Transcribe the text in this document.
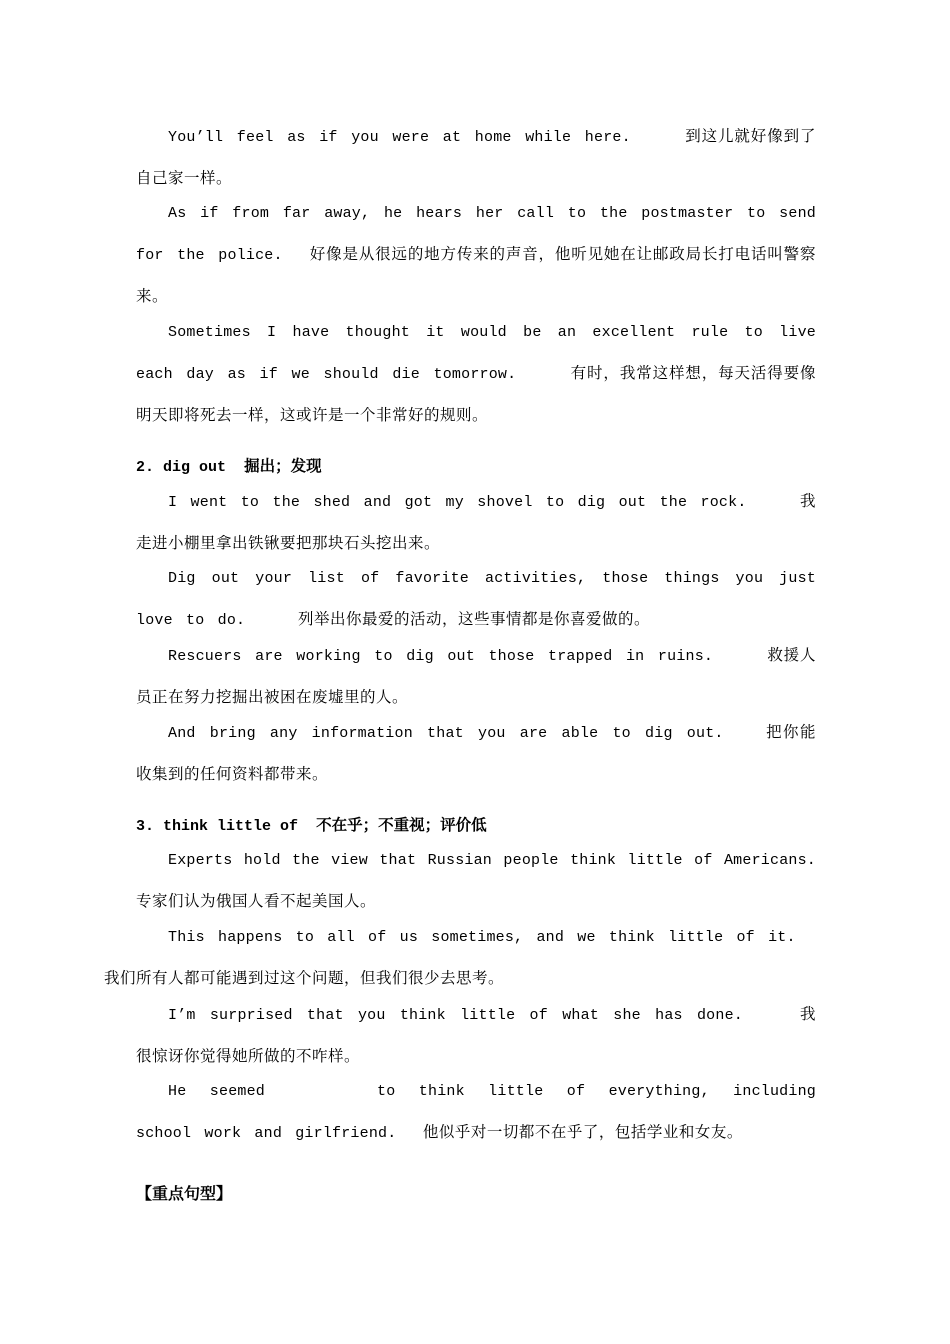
You’ll feel as if you were at home while here.	到这儿就好像到了自己家一样。

As if from far away, he hears her call to the postmaster to send for the police. 好像是从很远的地方传来的声音，他听见她在让邮政局长打电话叫警察来。

Sometimes I have thought it would be an excellent rule to live each day as if we should die tomorrow.	有时，我常这样想，每天活得要像明天即将死去一样，这或许是一个非常好的规则。

2. dig out 掘出；发现

I went to the shed and got my shovel to dig out the rock.	我走进小棚里拿出铁锹要把那块石头挖出来。

Dig out your list of favorite activities, those things you just love to do.	列举出你最爱的活动，这些事情都是你喜爱做的。

Rescuers are working to dig out those trapped in ruins.	救援人员正在努力挖掘出被困在废墟里的人。

And bring any information that you are able to dig out.	把你能收集到的任何资料都带来。

3. think little of 不在乎；不重视；评价低

Experts hold the view that Russian people think little of Americans. 专家们认为俄国人看不起美国人。

This happens to all of us sometimes, and we think little of it.
我们所有人都可能遇到过这个问题，但我们很少去思考。

I’m surprised that you think little of what she has done.	我很惊讶你觉得她所做的不咋样。

He seemed	to think little of everything, including school work and girlfriend. 他似乎对一切都不在乎了，包括学业和女友。

【重点句型】
